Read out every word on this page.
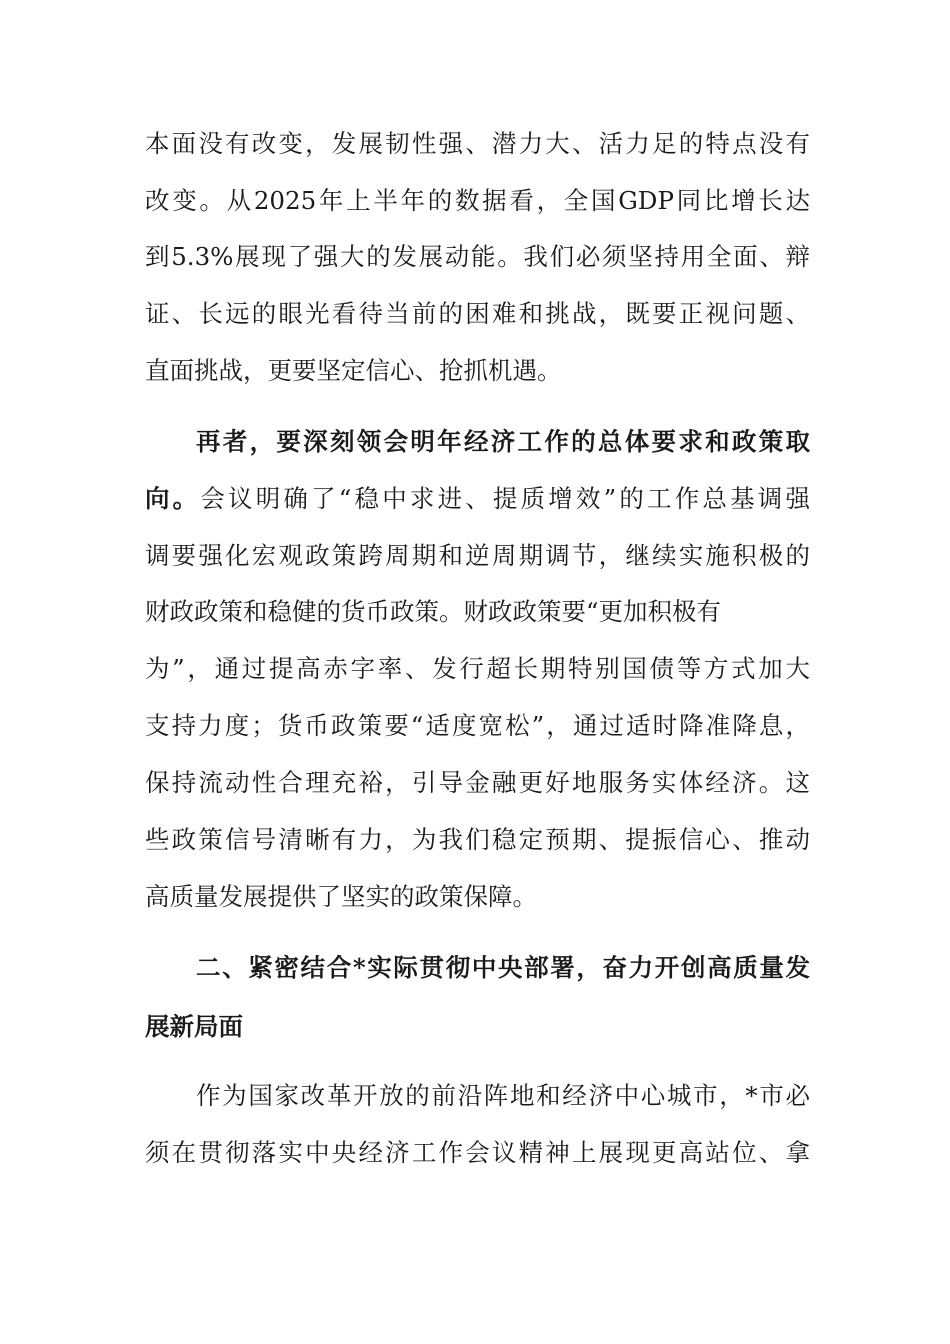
本面没有改变，发展韧性强、潜力大、活力足的特点没有
改变。从2025年上半年的数据看，全国GDP同比增长达
到5.3%展现了强大的发展动能。我们必须坚持用全面、辩
证、长远的眼光看待当前的困难和挑战，既要正视问题、
直面挑战，更要坚定信心、抢抓机遇。
再者，要深刻领会明年经济工作的总体要求和政策取
向。会议明确了“稳中求进、提质增效”的工作总基调强
调要强化宏观政策跨周期和逆周期调节，继续实施积极的
财政政策和稳健的货币政策。财政政策要“更加积极有
为”，通过提高赤字率、发行超长期特别国债等方式加大
支持力度；货币政策要“适度宽松”，通过适时降准降息，
保持流动性合理充裕，引导金融更好地服务实体经济。这
些政策信号清晰有力，为我们稳定预期、提振信心、推动
高质量发展提供了坚实的政策保障。
二、紧密结合*实际贯彻中央部署，奋力开创高质量发
展新局面
作为国家改革开放的前沿阵地和经济中心城市，*市必
须在贯彻落实中央经济工作会议精神上展现更高站位、拿
